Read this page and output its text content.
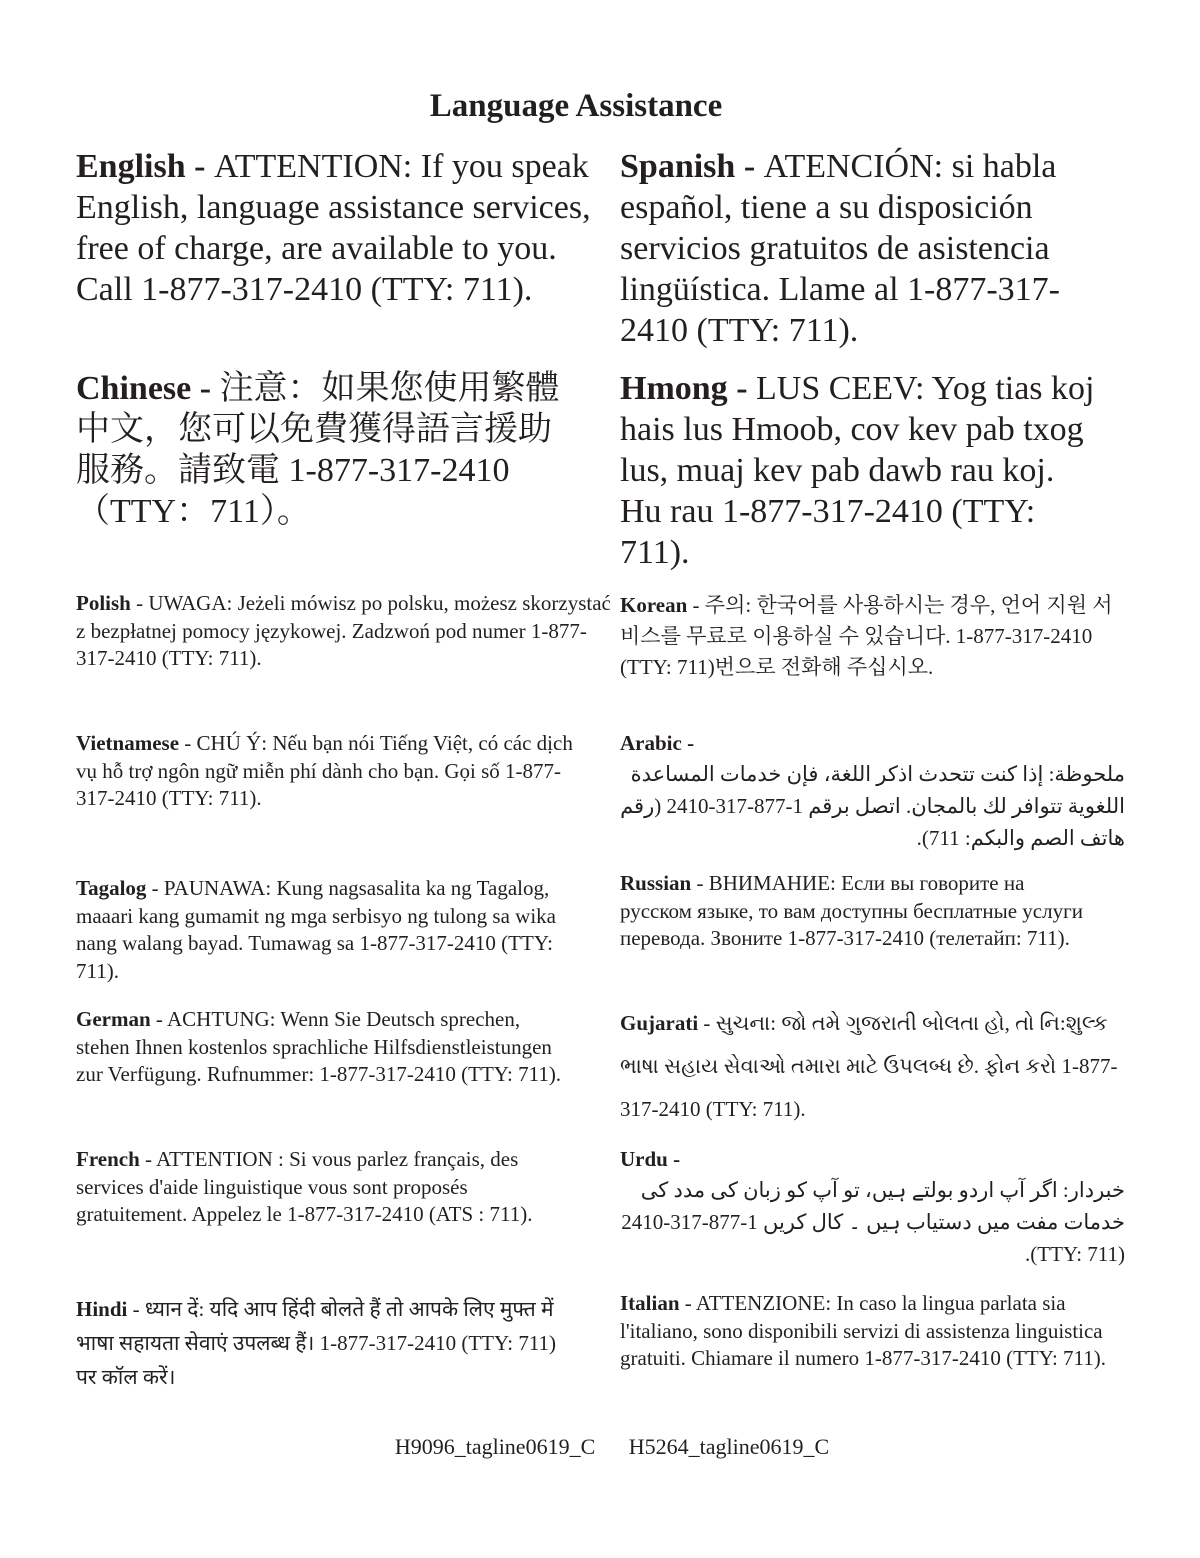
Language Assistance

English - ATTENTION: If you speak English, language assistance services, free of charge, are available to you. Call 1-877-317-2410 (TTY: 711).

Chinese - 注意：如果您使用繁體中文，您可以免費獲得語言援助服務。請致電 1-877-317-2410（TTY：711）。

Polish - UWAGA: Jeżeli mówisz po polsku, możesz skorzystać z bezpłatnej pomocy językowej. Zadzwoń pod numer 1-877-317-2410 (TTY: 711).

Vietnamese - CHÚ Ý: Nếu bạn nói Tiếng Việt, có các dịch vụ hỗ trợ ngôn ngữ miễn phí dành cho bạn. Gọi số 1-877-317-2410 (TTY: 711).

Tagalog - PAUNAWA: Kung nagsasalita ka ng Tagalog, maaari kang gumamit ng mga serbisyo ng tulong sa wika nang walang bayad. Tumawag sa 1-877-317-2410 (TTY: 711).

German - ACHTUNG: Wenn Sie Deutsch sprechen, stehen Ihnen kostenlos sprachliche Hilfsdienstleistungen zur Verfügung. Rufnummer: 1-877-317-2410 (TTY: 711).

French - ATTENTION : Si vous parlez français, des services d'aide linguistique vous sont proposés gratuitement. Appelez le 1-877-317-2410 (ATS : 711).

Hindi - ध्यान दें: यदि आप हिंदी बोलते हैं तो आपके लिए मुफ्त में भाषा सहायता सेवाएं उपलब्ध हैं। 1-877-317-2410 (TTY: 711) पर कॉल करें।

Spanish - ATENCIÓN: si habla español, tiene a su disposición servicios gratuitos de asistencia lingüística. Llame al 1-877-317-2410 (TTY: 711).

Hmong - LUS CEEV: Yog tias koj hais lus Hmoob, cov kev pab txog lus, muaj kev pab dawb rau koj. Hu rau 1-877-317-2410 (TTY: 711).

Korean - 주의: 한국어를 사용하시는 경우, 언어 지원 서비스를 무료로 이용하실 수 있습니다. 1-877-317-2410 (TTY: 711)번으로 전화해 주십시오.

Arabic -
ملحوظة: إذا كنت تتحدث اذكر اللغة، فإن خدمات المساعدة اللغوية تتوافر لك بالمجان. اتصل برقم 1-877-317-2410 (رقم هاتف الصم والبكم: 711).

Russian - ВНИМАНИЕ: Если вы говорите на русском языке, то вам доступны бесплатные услуги перевода. Звоните 1-877-317-2410 (телетайп: 711).

Gujarati - સુચના: જો તમે ગુજરાતી બોલતા હો, તો નિ:શુલ્ક ભાષા સહાય સેવાઓ તમારા માટે ઉપલબ્ધ છે. ફોન કરો 1-877-317-2410 (TTY: 711).

Urdu -
خبردار: اگر آپ اردو بولتے ہیں، تو آپ کو زبان کی مدد کی خدمات مفت میں دستیاب ہیں ۔ کال کریں 1-877-317-2410 (TTY: 711).

Italian - ATTENZIONE: In caso la lingua parlata sia l'italiano, sono disponibili servizi di assistenza linguistica gratuiti. Chiamare il numero 1-877-317-2410 (TTY: 711).

H9096_tagline0619_C H5264_tagline0619_C
